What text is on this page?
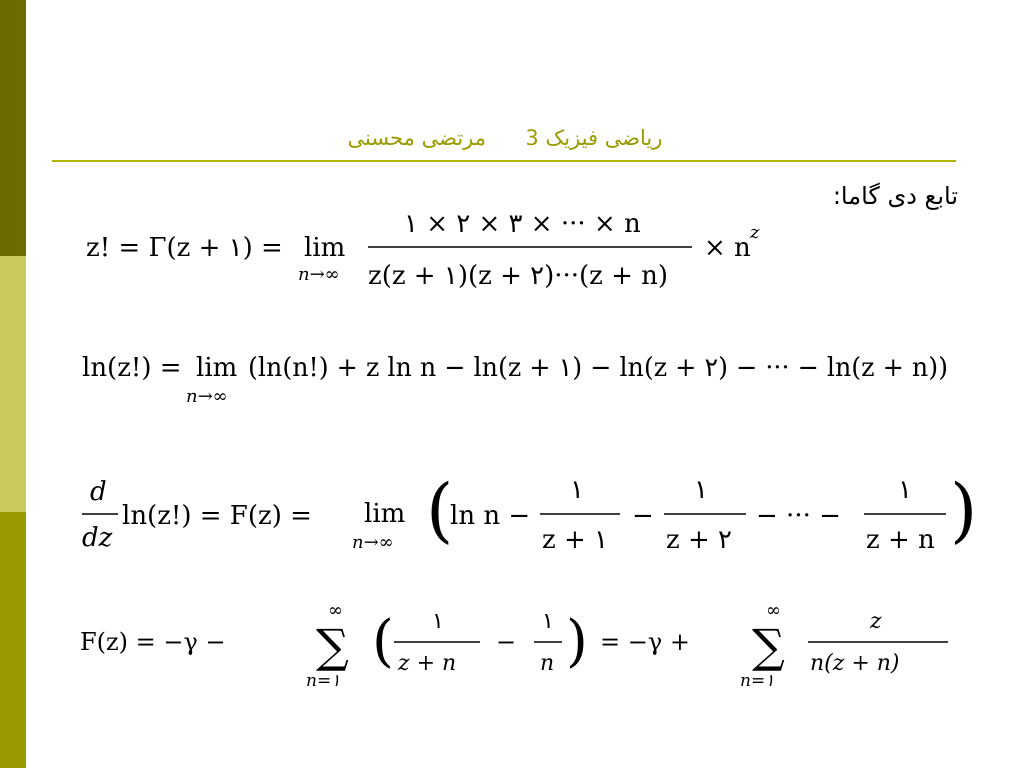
ریاضی فیزیک 3  مرتضی محسنی
تابع دی گاما:
z! = Γ(z + ۱) = lim
n→∞
۱ × ۲ × ۳ × ··· × n
z(z + ۱)(z + ۲)···(z + n)
× n
z
ln(z!) = lim
n→∞
(ln(n!) + z ln n − ln(z + ۱) − ln(z + ۲) − ··· − ln(z + n))
d
dz
ln(z!) = F(z) = lim
n→∞ (
ln n −
۱
z + ۱
−
۱
z + ۲
− ··· −
۱
z + n )
F(z) = −γ −
∞
∑
n=۱
( ۱
z + n
−
۱
n ) = −γ +
∞
∑
n=۱
z
n(z + n)
